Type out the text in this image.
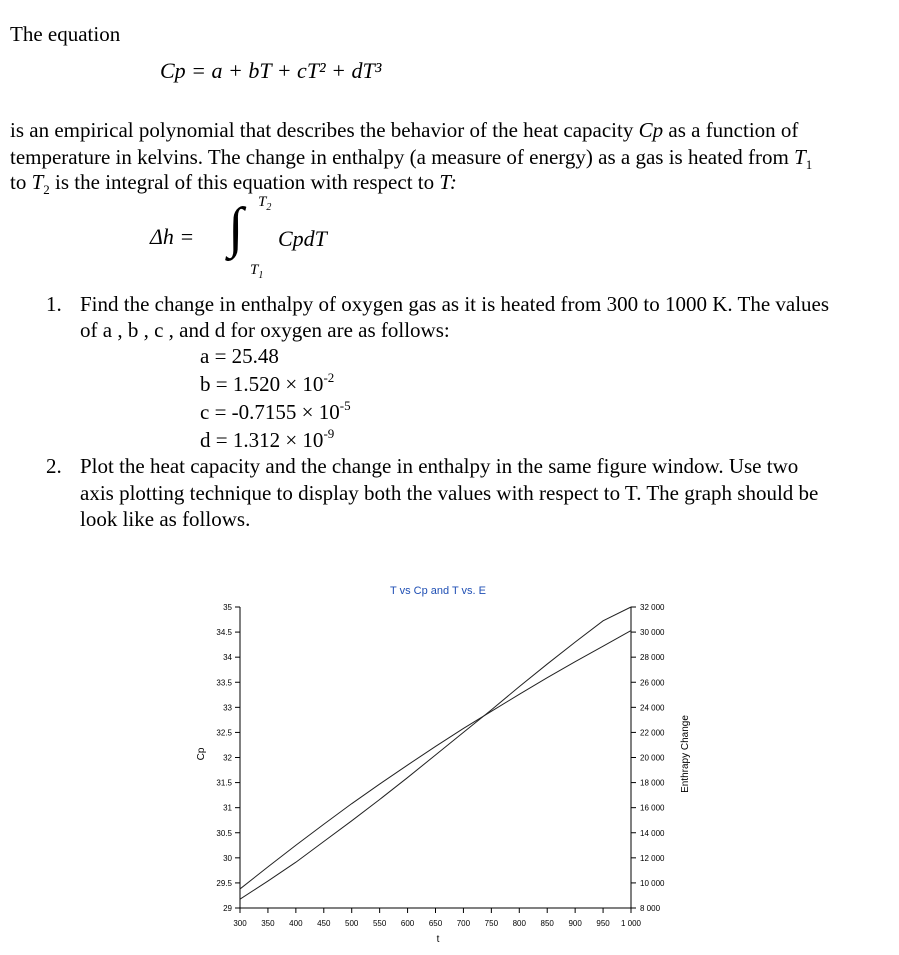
The equation
Cp = a + bT + cT² + dT³
is an empirical polynomial that describes the behavior of the heat capacity Cp as a function of
temperature in kelvins. The change in enthalpy (a measure of energy) as a gas is heated from $T_1$
to $T_2$ is the integral of this equation with respect to T:
Δh = ∫ $T_2$
$T_1$
CpdT
1. Find the change in enthalpy of oxygen gas as it is heated from 300 to 1000 K. The values
of a , b , c , and d for oxygen are as follows:
a = 25.48
$b = 1.520 \times 10^{-2}$
$c = -0.7155 \times 10^{-5}$
$d = 1.312 \times 10^{-9}$
2. Plot the heat capacity and the change in enthalpy in the same figure window. Use two
axis plotting technique to display both the values with respect to T. The graph should be
look like as follows.
T vs Cp and T vs. E
t
Cp	Enthrapy Change
300 350 400 450 500 550 600 650 700 750 800 850 900 950 1 000
29
29.5
30
30.5
31
31.5
32
32.5
33
33.5
34
34.5
35
8 000
10 000
12 000
14 000
16 000
18 000
20 000
22 000
24 000
26 000
28 000
30 000
32 000
